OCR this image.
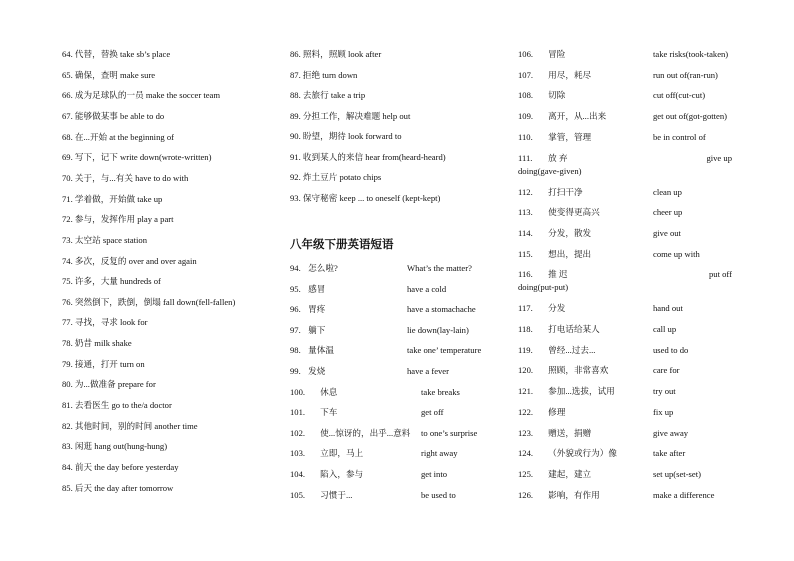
64. 代替，替换 take sb’s place
65. 确保，查明 make sure
66. 成为足球队的一员 make the soccer team
67. 能够做某事 be able to do
68. 在...开始 at the beginning of
69. 写下，记下 write down(wrote-written)
70. 关于，与...有关 have to do with
71. 学着做，开始做 take up
72. 参与，发挥作用 play a part
73. 太空站 space station
74. 多次，反复的 over and over again
75. 许多，大量 hundreds of
76. 突然倒下，跌倒，倒塌 fall down(fell-fallen)
77. 寻找，寻求 look for
78. 奶昔 milk shake
79. 接通，打开 turn on
80. 为...做准备 prepare for
81. 去看医生 go to the/a doctor
82. 其他时间，别的时间 another time
83. 闲逛 hang out(hung-hung)
84. 前天 the day before yesterday
85. 后天 the day after tomorrow
86. 照料，照顾 look after
87. 拒绝 turn down
88. 去旅行 take a trip
89. 分担工作，解决难题 help out
90. 盼望，期待 look forward to
91. 收到某人的来信 hear from(heard-heard)
92. 炸土豆片 potato chips
93. 保守秘密 keep ... to oneself (kept-kept)
八年级下册英语短语
94. 怎么啦?	What’s the matter?
95. 感冒	have a cold
96. 胃疼	have a stomachache
97. 躺下	lie down(lay-lain)
98. 量体温	take one’ temperature
99. 发烧	have a fever
100. 休息	take breaks
101. 下车	get off
102. 使...惊讶的，出乎...意料 to one’s surprise
103. 立即，马上	right away
104. 陷入，参与	get into
105. 习惯于...	be used to
106. 冒险	take risks(took-taken)
107. 用尽，耗尽	run out of(ran-run)
108. 切除	cut off(cut-cut)
109. 离开，从...出来	get out of(got-gotten)
110. 掌管，管理	be in control of
111. 放 弃	give up
doing(gave-given)
112. 打扫干净	clean up
113. 使变得更高兴	cheer up
114. 分发，散发	give out
115. 想出，提出	come up with
116. 推 迟	put off
doing(put-put)
117. 分发	hand out
118. 打电话给某人	call up
119. 曾经...过去...	used to do
120. 照顾，非常喜欢	care for
121. 参加...选拔，试用	try out
122. 修理	fix up
123. 赠送，捐赠	give away
124. （外貌或行为）像	take after
125. 建起，建立	set up(set-set)
126. 影响，有作用	make a difference
